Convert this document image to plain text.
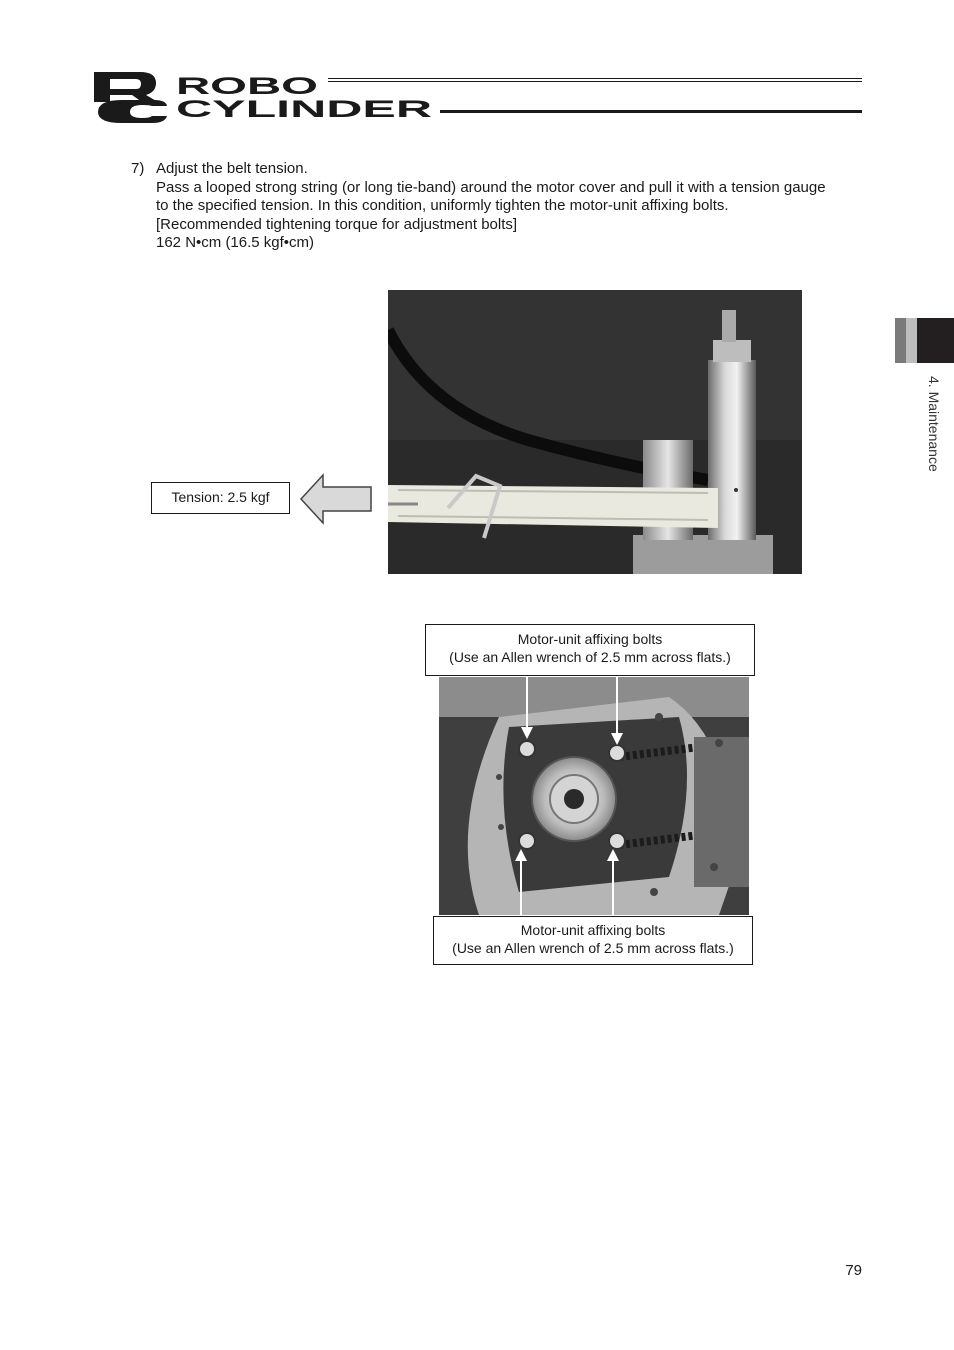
ROBO
CYLINDER
7) Adjust the belt tension.
Pass a looped strong string (or long tie-band) around the motor cover and pull it with a tension gauge
to the specified tension. In this condition, uniformly tighten the motor-unit affixing bolts.
[Recommended tightening torque for adjustment bolts]
162 N•cm (16.5 kgf•cm)
4. Maintenance
Tension: 2.5 kgf
Motor-unit affixing bolts
(Use an Allen wrench of 2.5 mm across flats.)
Motor-unit affixing bolts
(Use an Allen wrench of 2.5 mm across flats.)
79
